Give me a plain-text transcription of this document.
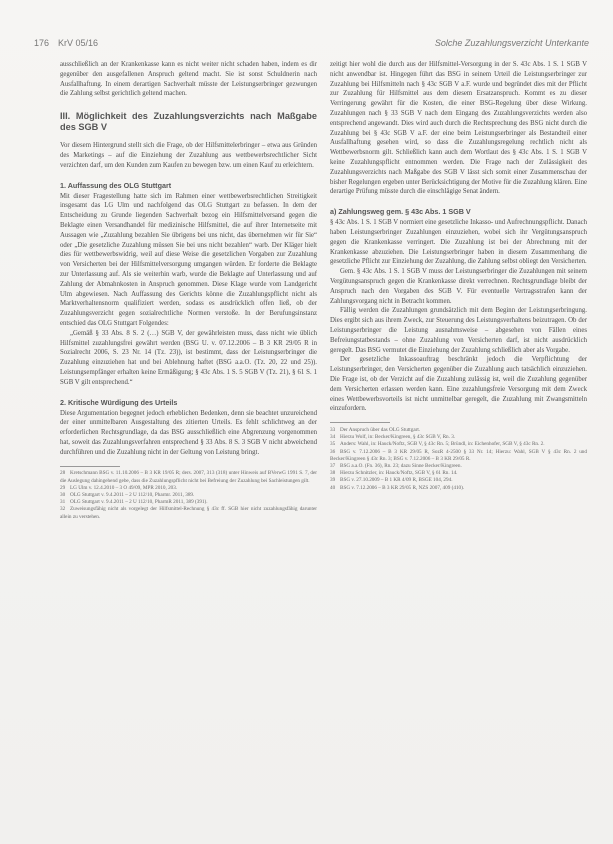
176 KrV 05/16	Solche Zuzahlungsverzicht Unterkante

ausschließlich an der Krankenkasse kann es nicht weiter nicht schaden haben, indem es dir gegenüber den ausgefallenen Anspruch geltend macht. Sie ist sonst Schuldnerin nach Ausfallhaftung. In einem derartigen Sachverhalt müsste der Leistungserbringer gezwungen die Zahlung selbst gerichtlich geltend machen.

III. Möglichkeit des Zuzahlungsverzichts nach Maßgabe des SGB V

Vor diesem Hintergrund stellt sich die Frage, ob der Hilfsmittelerbringer – etwa aus Gründen des Marketings – auf die Einziehung der Zuzahlung aus wettbewerbsrechtlicher Sicht verzichten darf, um den Kunden zum Kaufen zu bewegen bzw. um einen Kauf zu erleichtern.

1. Auffassung des OLG Stuttgart

Mit dieser Fragestellung hatte sich im Rahmen einer wettbewerbsrechtlichen Streitigkeit insgesamt das LG Ulm und nachfolgend das OLG Stuttgart zu befassen. In dem der Entscheidung zu Grunde liegenden Sachverhalt bezog ein Hilfsmittelversand gegen die Beklagte einen Versandhandel für medizinische Hilfsmittel, die auf ihrer Internetseite mit Aussagen wie „Zuzahlung bezahlen Sie übrigens bei uns nicht, das übernehmen wir für Sie“ oder „Die gesetzliche Zuzahlung müssen Sie bei uns nicht bezahlen“ warb. Der Kläger hielt dies für wettbewerbswidrig, weil auf diese Weise die gesetzlichen Vorgaben zur Zuzahlung von Versicherten bei der Hilfsmittelversorgung umgangen würden. Er forderte die Beklagte zur Unterlassung auf. Als sie weiterhin warb, wurde die Beklagte auf Unterlassung und auf Zahlung der Abmahnkosten in Anspruch genommen. Diese Klage wurde vom Landgericht Ulm abgewiesen. Nach Auffassung des Gerichts könne die Zuzahlungspflicht nicht als Marktverhaltensnorm qualifiziert werden, sodass es ausdrücklich offen ließ, ob der Zuzahlungsverzicht gegen sozialrechtliche Normen verstoße. In der Berufungsinstanz entschied das OLG Stuttgart Folgendes:

„Gemäß § 33 Abs. 8 S. 2 (…) SGB V, der gewährleisten muss, dass nicht wie üblich Hilfsmittel zuzahlungsfrei gewährt werden (BSG U. v. 07.12.2006 – B 3 KR 29/05 R in Sozialrecht 2006, S. 23 Nr. 14 (Tz. 23)), ist bestimmt, dass der Leistungserbringer die Zuzahlung einzuziehen hat und bei Ablehnung haftet (BSG a.a.O. (Tz. 20, 22 und 25)). Leistungsempfänger erhalten keine Ermäßigung; § 43c Abs. 1 S. 5 SGB V (Tz. 21), § 61 S. 1 SGB V gilt entsprechend.“

2. Kritische Würdigung des Urteils

Diese Argumentation begegnet jedoch erheblichen Bedenken, denn sie beachtet unzureichend der einer unmittelbaren Ausgestaltung des zitierten Urteils. Es fehlt schlichtweg an der erforderlichen Rechtsgrundlage, da das BSG ausschließlich eine Abgrenzung vorgenommen hat, soweit das Zuzahlungsverfahren entsprechend § 33 Abs. 8 S. 3 SGB V nicht abweichend durchführen und die Zuzahlung nicht in der Geltung von Leistung bringt.

28 Kretschmann BSG v. 11.10.2006 – B 3 KR 19/05 R; ders. 2007, 313 (318) unter Hinweis auf BVerwG 1991 S. 7, der die Auslegung dahingehend gebe, dass die Zuzahlungspflicht nicht bei Befreiung der Zuzahlung bei Sachleistungen gilt.

29 LG Ulm v. 12.4.2010 – 3 O 49/09, MPR 2010, 203.

30 OLG Stuttgart v. 9.4.2011 – 2 U 112/10, Pharmr. 2011, 389.

31 OLG Stuttgart v. 9.4.2011 – 2 U 112/10, PharmR 2011, 389 (391).

32 Zuweisungsfähig nicht als vorgelegt der Hilfsmittel-Rechnung § 43c ff. SGB hier nicht zuzahlungsfähig darunter allein zu verstehen.

zeitigt hier wohl die durch aus der Hilfsmittel-Versorgung in der S. 43c Abs. 1 S. 1 SGB V nicht anwendbar ist. Hingegen führt das BSG in seinem Urteil die Leistungserbringer zur Zuzahlung bei Hilfsmitteln nach § 43c SGB V a.F. wurde und begründet dies mit der Pflicht zur Zuzahlung für Hilfsmittel aus dem diesem Ersatzanspruch. Kommt es zu dieser Verringerung gewährt für die Kosten, die einer BSG-Regelung über diese Wirkung. Zuzahlungen nach § 33 SGB V nach dem Eingang des Zuzahlungsverzichts werden also entsprechend angewandt. Dies wird auch durch die Rechtsprechung des BSG nicht durch die Zuzahlung bei § 43c SGB V a.F. der eine beim Leistungserbringer als Bestandteil einer Ausfallhaftung gesehen wird, so dass die Zuzahlungsregelung rechtlich nicht als Wettbewerbsnorm gilt. Schließlich kann auch dem Wortlaut des § 43c Abs. 1 S. 1 SGB V keine Zuzahlungspflicht entnommen werden. Die Frage nach der Zulässigkeit des Zuzahlungsverzichts nach Maßgabe des SGB V lässt sich somit einer Zusammenschau der bisher Regelungen ergeben unter Berücksichtigung der Motive für die Zuzahlung klären. Eine derartige Prüfung müsste durch die einschlägige Senat ändern.

a) Zahlungsweg gem. § 43c Abs. 1 SGB V

§ 43c Abs. 1 S. 1 SGB V normiert eine gesetzliche Inkasso- und Aufrechnungspflicht. Danach haben Leistungserbringer Zuzahlungen einzuziehen, wobei sich ihr Vergütungsanspruch gegen die Krankenkasse verringert. Die Zuzahlung ist bei der Abrechnung mit der Krankenkasse abzuziehen. Die Leistungserbringer haben in diesem Zusammenhang die gesetzliche Pflicht zur Einziehung der Zuzahlung, die Zahlung selbst obliegt den Versicherten.

Gem. § 43c Abs. 1 S. 1 SGB V muss der Leistungserbringer die Zuzahlungen mit seinem Vergütungsanspruch gegen die Krankenkasse direkt verrechnen. Rechtsgrundlage bleibt der Anspruch nach den Vorgaben des SGB V. Für eventuelle Vertragsstrafen kann der Zahlungsvorgang nicht in Betracht kommen.

Fällig werden die Zuzahlungen grundsätzlich mit dem Beginn der Leistungserbringung. Dies ergibt sich aus ihrem Zweck, zur Steuerung des Leistungsverhaltens beizutragen. Ob der Leistungserbringer die Leistung ausnahmsweise – abgesehen von Fällen eines Befreiungstatbestands – ohne Zuzahlung von Versicherten darf, ist nicht ausdrücklich geregelt. Das BSG vermutet die Einziehung der Zuzahlung schließlich aber als Vorgabe.

Der gesetzliche Inkassoauftrag beschränkt jedoch die Verpflichtung der Leistungserbringer, den Versicherten gegenüber die Zuzahlung auch tatsächlich einzuziehen. Die Frage ist, ob der Verzicht auf die Zuzahlung zulässig ist, weil die Zuzahlung gegenüber dem Versicherten erlassen werden kann. Eine zuzahlungsfreie Versorgung mit dem Zweck eines Wettbewerbsvorteils ist nicht unmittelbar geregelt, die Zuzahlung mit Zwangsmitteln einzufordern.

33 Der Anspruch über das OLG Stuttgart.

34 Hierzu Wolf, in: Becker/Kingreen, § 43c SGB V, Rn. 3.

35 Anders: Wahl, in: Hauck/Noftz, SGB V, § 43c Rn. 5; Bründl, in: Eichenhofer, SGB V, § 43c Rn. 2.

36 BSG v. 7.12.2006 – B 3 KR 29/05 R, SozR 4-2500 § 33 Nr. 14; Hierzu: Wahl, SGB V § 43c Rn. 2 und Becker/Kingreen § 43c Rn. 3; BSG v. 7.12.2006 – B 3 KR 29/05 R.

37 BSG a.a.O. (Fn. 36), Rn. 23; dazu Sinne Becker/Kingreen.

38 Hierzu Schnitzler, in: Hauck/Noftz, SGB V, § 61 Rn. 14.

39 BSG v. 27.10.2009 – B 1 KR 4/09 R, BSGE 104, 294.

40 BSG v. 7.12.2006 – B 3 KR 29/05 R, NZS 2007, 409 (410).
